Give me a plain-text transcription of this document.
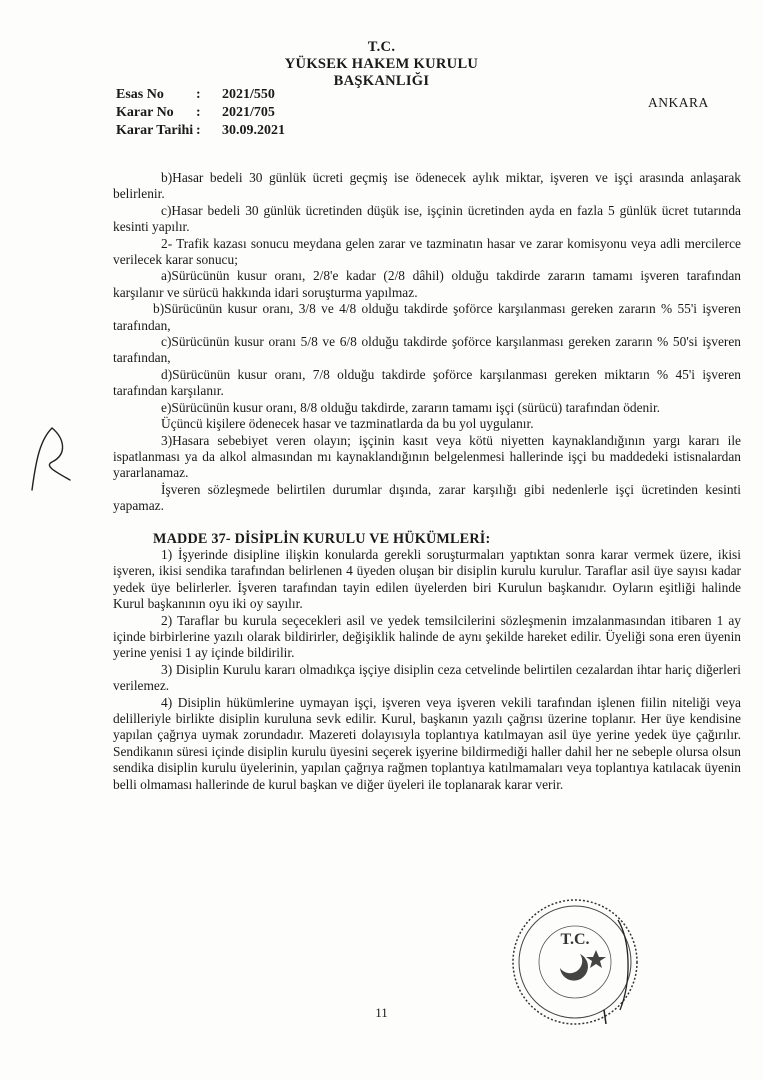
T.C.
YÜKSEK HAKEM KURULU
BAŞKANLIĞI
Esas No	:	2021/550
Karar No	:	2021/705
Karar Tarihi :	30.09.2021
ANKARA

b)Hasar bedeli 30 günlük ücreti geçmiş ise ödenecek aylık miktar, işveren ve işçi arasında anlaşarak belirlenir.

c)Hasar bedeli 30 günlük ücretinden düşük ise, işçinin ücretinden ayda en fazla 5 günlük ücret tutarında kesinti yapılır.

2- Trafik kazası sonucu meydana gelen zarar ve tazminatın hasar ve zarar komisyonu veya adli mercilerce verilecek karar sonucu;

a)Sürücünün kusur oranı, 2/8'e kadar (2/8 dâhil) olduğu takdirde zararın tamamı işveren tarafından karşılanır ve sürücü hakkında idari soruşturma yapılmaz.

b)Sürücünün kusur oranı, 3/8 ve 4/8 olduğu takdirde şoförce karşılanması gereken zararın % 55'i işveren tarafından,

c)Sürücünün kusur oranı 5/8 ve 6/8 olduğu takdirde şoförce karşılanması gereken zararın % 50'si işveren tarafından,

d)Sürücünün kusur oranı, 7/8 olduğu takdirde şoförce karşılanması gereken miktarın % 45'i işveren tarafından karşılanır.

e)Sürücünün kusur oranı, 8/8 olduğu takdirde, zararın tamamı işçi (sürücü) tarafından ödenir.

Üçüncü kişilere ödenecek hasar ve tazminatlarda da bu yol uygulanır.

3)Hasara sebebiyet veren olayın; işçinin kasıt veya kötü niyetten kaynaklandığının yargı kararı ile ispatlanması ya da alkol almasından mı kaynaklandığının belgelenmesi hallerinde işçi bu maddedeki istisnalardan yararlanamaz.

İşveren sözleşmede belirtilen durumlar dışında, zarar karşılığı gibi nedenlerle işçi ücretinden kesinti yapamaz.

MADDE 37- DİSİPLİN KURULU VE HÜKÜMLERİ:

1) İşyerinde disipline ilişkin konularda gerekli soruşturmaları yaptıktan sonra karar vermek üzere, ikisi işveren, ikisi sendika tarafından belirlenen 4 üyeden oluşan bir disiplin kurulu kurulur. Taraflar asil üye sayısı kadar yedek üye belirlerler. İşveren tarafından tayin edilen üyelerden biri Kurulun başkanıdır. Oyların eşitliği halinde Kurul başkanının oyu iki oy sayılır.

2) Taraflar bu kurula seçecekleri asil ve yedek temsilcilerini sözleşmenin imzalanmasından itibaren 1 ay içinde birbirlerine yazılı olarak bildirirler, değişiklik halinde de aynı şekilde hareket edilir. Üyeliği sona eren üyenin yerine yenisi 1 ay içinde bildirilir.

3) Disiplin Kurulu kararı olmadıkça işçiye disiplin ceza cetvelinde belirtilen cezalardan ihtar hariç diğerleri verilemez.

4) Disiplin hükümlerine uymayan işçi, işveren veya işveren vekili tarafından işlenen fiilin niteliği veya delilleriyle birlikte disiplin kuruluna sevk edilir. Kurul, başkanın yazılı çağrısı üzerine toplanır. Her üye kendisine yapılan çağrıya uymak zorundadır. Mazereti dolayısıyla toplantıya katılmayan asil üye yerine yedek üye çağırılır. Sendikanın süresi içinde disiplin kurulu üyesini seçerek işyerine bildirmediği haller dahil her ne sebeple olursa olsun sendika disiplin kurulu üyelerinin, yapılan çağrıya rağmen toplantıya katılmamaları veya toplantıya katılacak üyenin belli olmaması hallerinde de kurul başkan ve diğer üyeleri ile toplanarak karar verir.

T.C.
11
